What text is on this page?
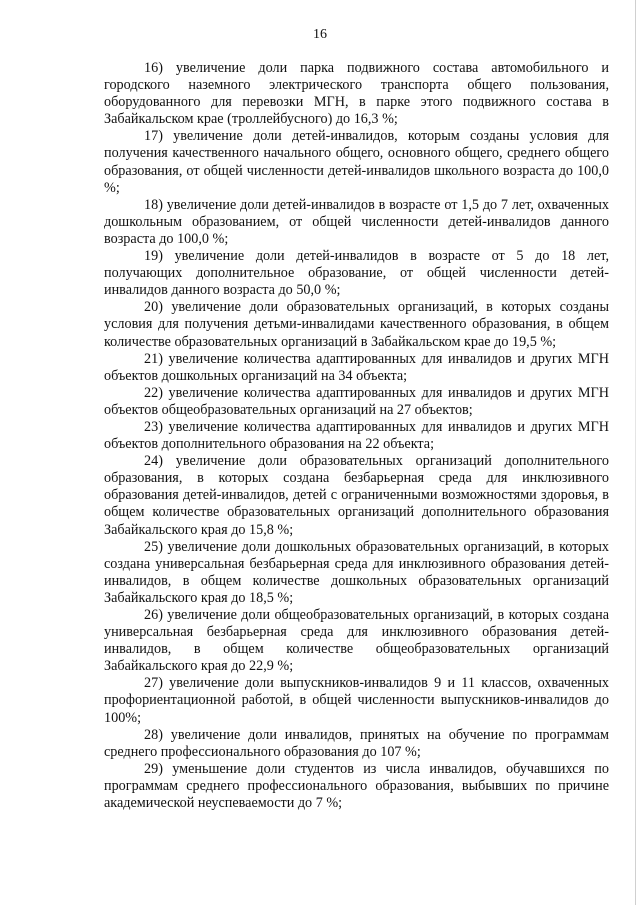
16

16) увеличение доли парка подвижного состава автомобильного и городского наземного электрического транспорта общего пользования, оборудованного для перевозки МГН, в парке этого подвижного состава в Забайкальском крае (троллейбусного) до 16,3 %;

17) увеличение доли детей-инвалидов, которым созданы условия для получения качественного начального общего, основного общего, среднего общего образования, от общей численности детей-инвалидов школьного возраста до 100,0 %;

18) увеличение доли детей-инвалидов в возрасте от 1,5 до 7 лет, охваченных дошкольным образованием, от общей численности детей-инвалидов данного возраста до 100,0 %;

19) увеличение доли детей-инвалидов в возрасте от 5 до 18 лет, получающих дополнительное образование, от общей численности детей-инвалидов данного возраста до 50,0 %;

20) увеличение доли образовательных организаций, в которых созданы условия для получения детьми-инвалидами качественного образования, в общем количестве образовательных организаций в Забайкальском крае до 19,5 %;

21) увеличение количества адаптированных для инвалидов и других МГН объектов дошкольных организаций на 34 объекта;

22) увеличение количества адаптированных для инвалидов и других МГН объектов общеобразовательных организаций на 27 объектов;

23) увеличение количества адаптированных для инвалидов и других МГН объектов дополнительного образования на 22 объекта;

24) увеличение доли образовательных организаций дополнительного образования, в которых создана безбарьерная среда для инклюзивного образования детей-инвалидов, детей с ограниченными возможностями здоровья, в общем количестве образовательных организаций дополнительного образования Забайкальского края до 15,8 %;

25) увеличение доли дошкольных образовательных организаций, в которых создана универсальная безбарьерная среда для инклюзивного образования детей-инвалидов, в общем количестве дошкольных образовательных организаций Забайкальского края до 18,5 %;

26) увеличение доли общеобразовательных организаций, в которых создана универсальная безбарьерная среда для инклюзивного образования детей-инвалидов, в общем количестве общеобразовательных организаций Забайкальского края до 22,9 %;

27) увеличение доли выпускников-инвалидов 9 и 11 классов, охваченных профориентационной работой, в общей численности выпускников-инвалидов до 100%;

28) увеличение доли инвалидов, принятых на обучение по программам среднего профессионального образования до 107 %;

29) уменьшение доли студентов из числа инвалидов, обучавшихся по программам среднего профессионального образования, выбывших по причине академической неуспеваемости до 7 %;
